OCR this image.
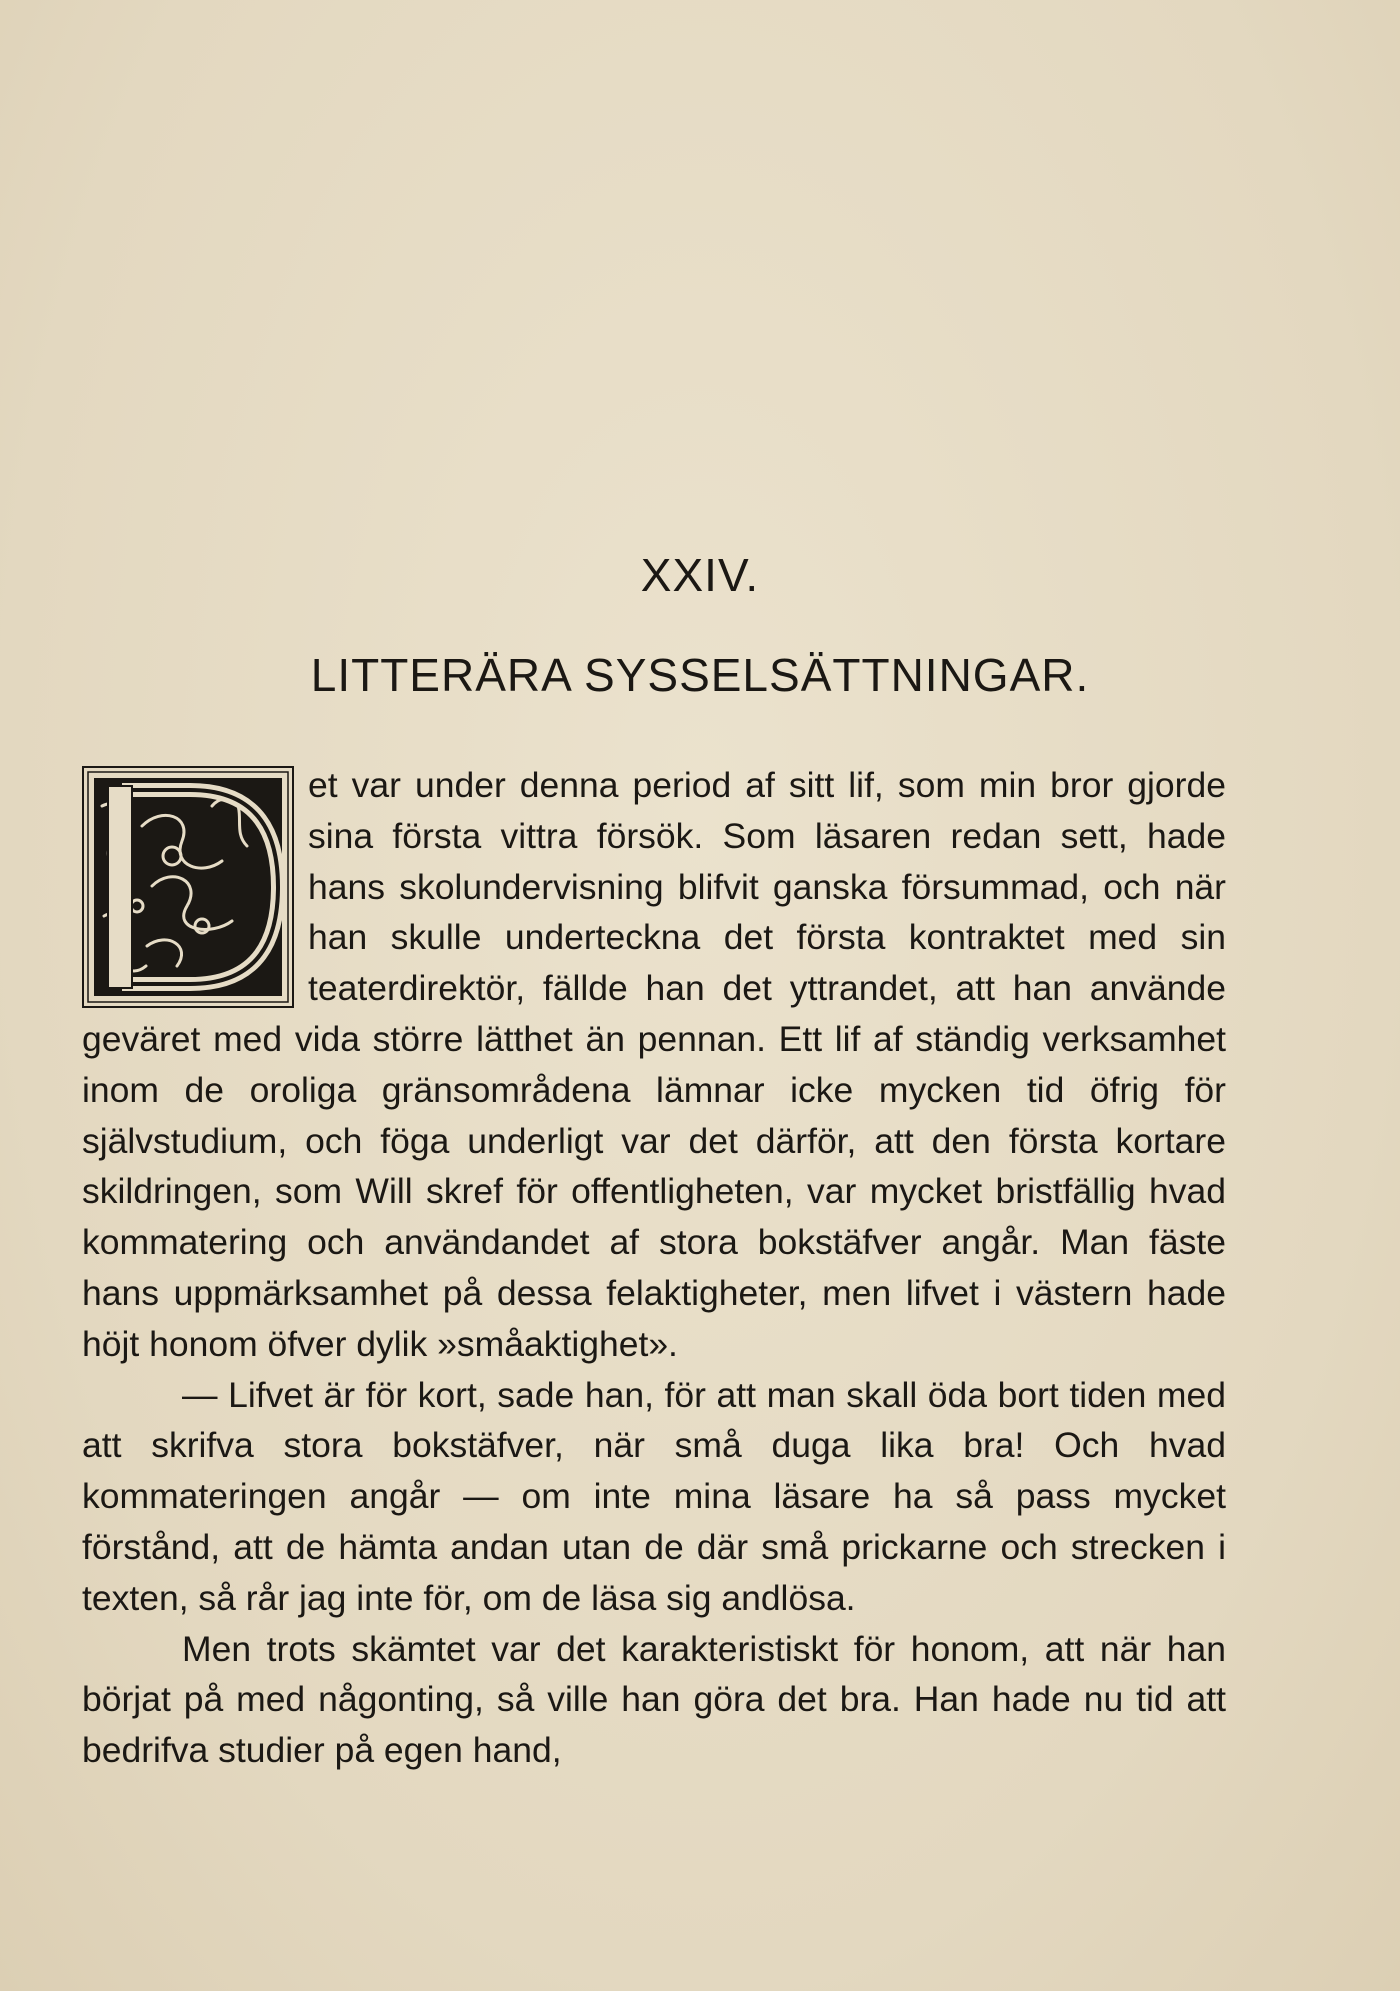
XXIV.
LITTERÄRA SYSSELSÄTTNINGAR.
D

et var under denna period af sitt lif, som min bror gjorde sina första vittra försök. Som läsaren redan sett, hade hans skolundervisning blifvit ganska försummad, och när han skulle underteckna det första kontraktet med sin teaterdirektör, fällde han det yttrandet, att han använde geväret med vida större lätthet än pennan. Ett lif af ständig verksamhet inom de oroliga gränsområdena lämnar icke mycken tid öfrig för självstudium, och föga underligt var det därför, att den första kortare skildringen, som Will skref för offentligheten, var mycket bristfällig hvad kommatering och användandet af stora bokstäfver angår. Man fäste hans uppmärksamhet på dessa felaktigheter, men lifvet i västern hade höjt honom öfver dylik »småaktighet».

— Lifvet är för kort, sade han, för att man skall öda bort tiden med att skrifva stora bokstäfver, när små duga lika bra! Och hvad kommateringen angår — om inte mina läsare ha så pass mycket förstånd, att de hämta andan utan de där små prickarne och strecken i texten, så rår jag inte för, om de läsa sig andlösa.

Men trots skämtet var det karakteristiskt för honom, att när han börjat på med någonting, så ville han göra det bra. Han hade nu tid att bedrifva studier på egen hand,
